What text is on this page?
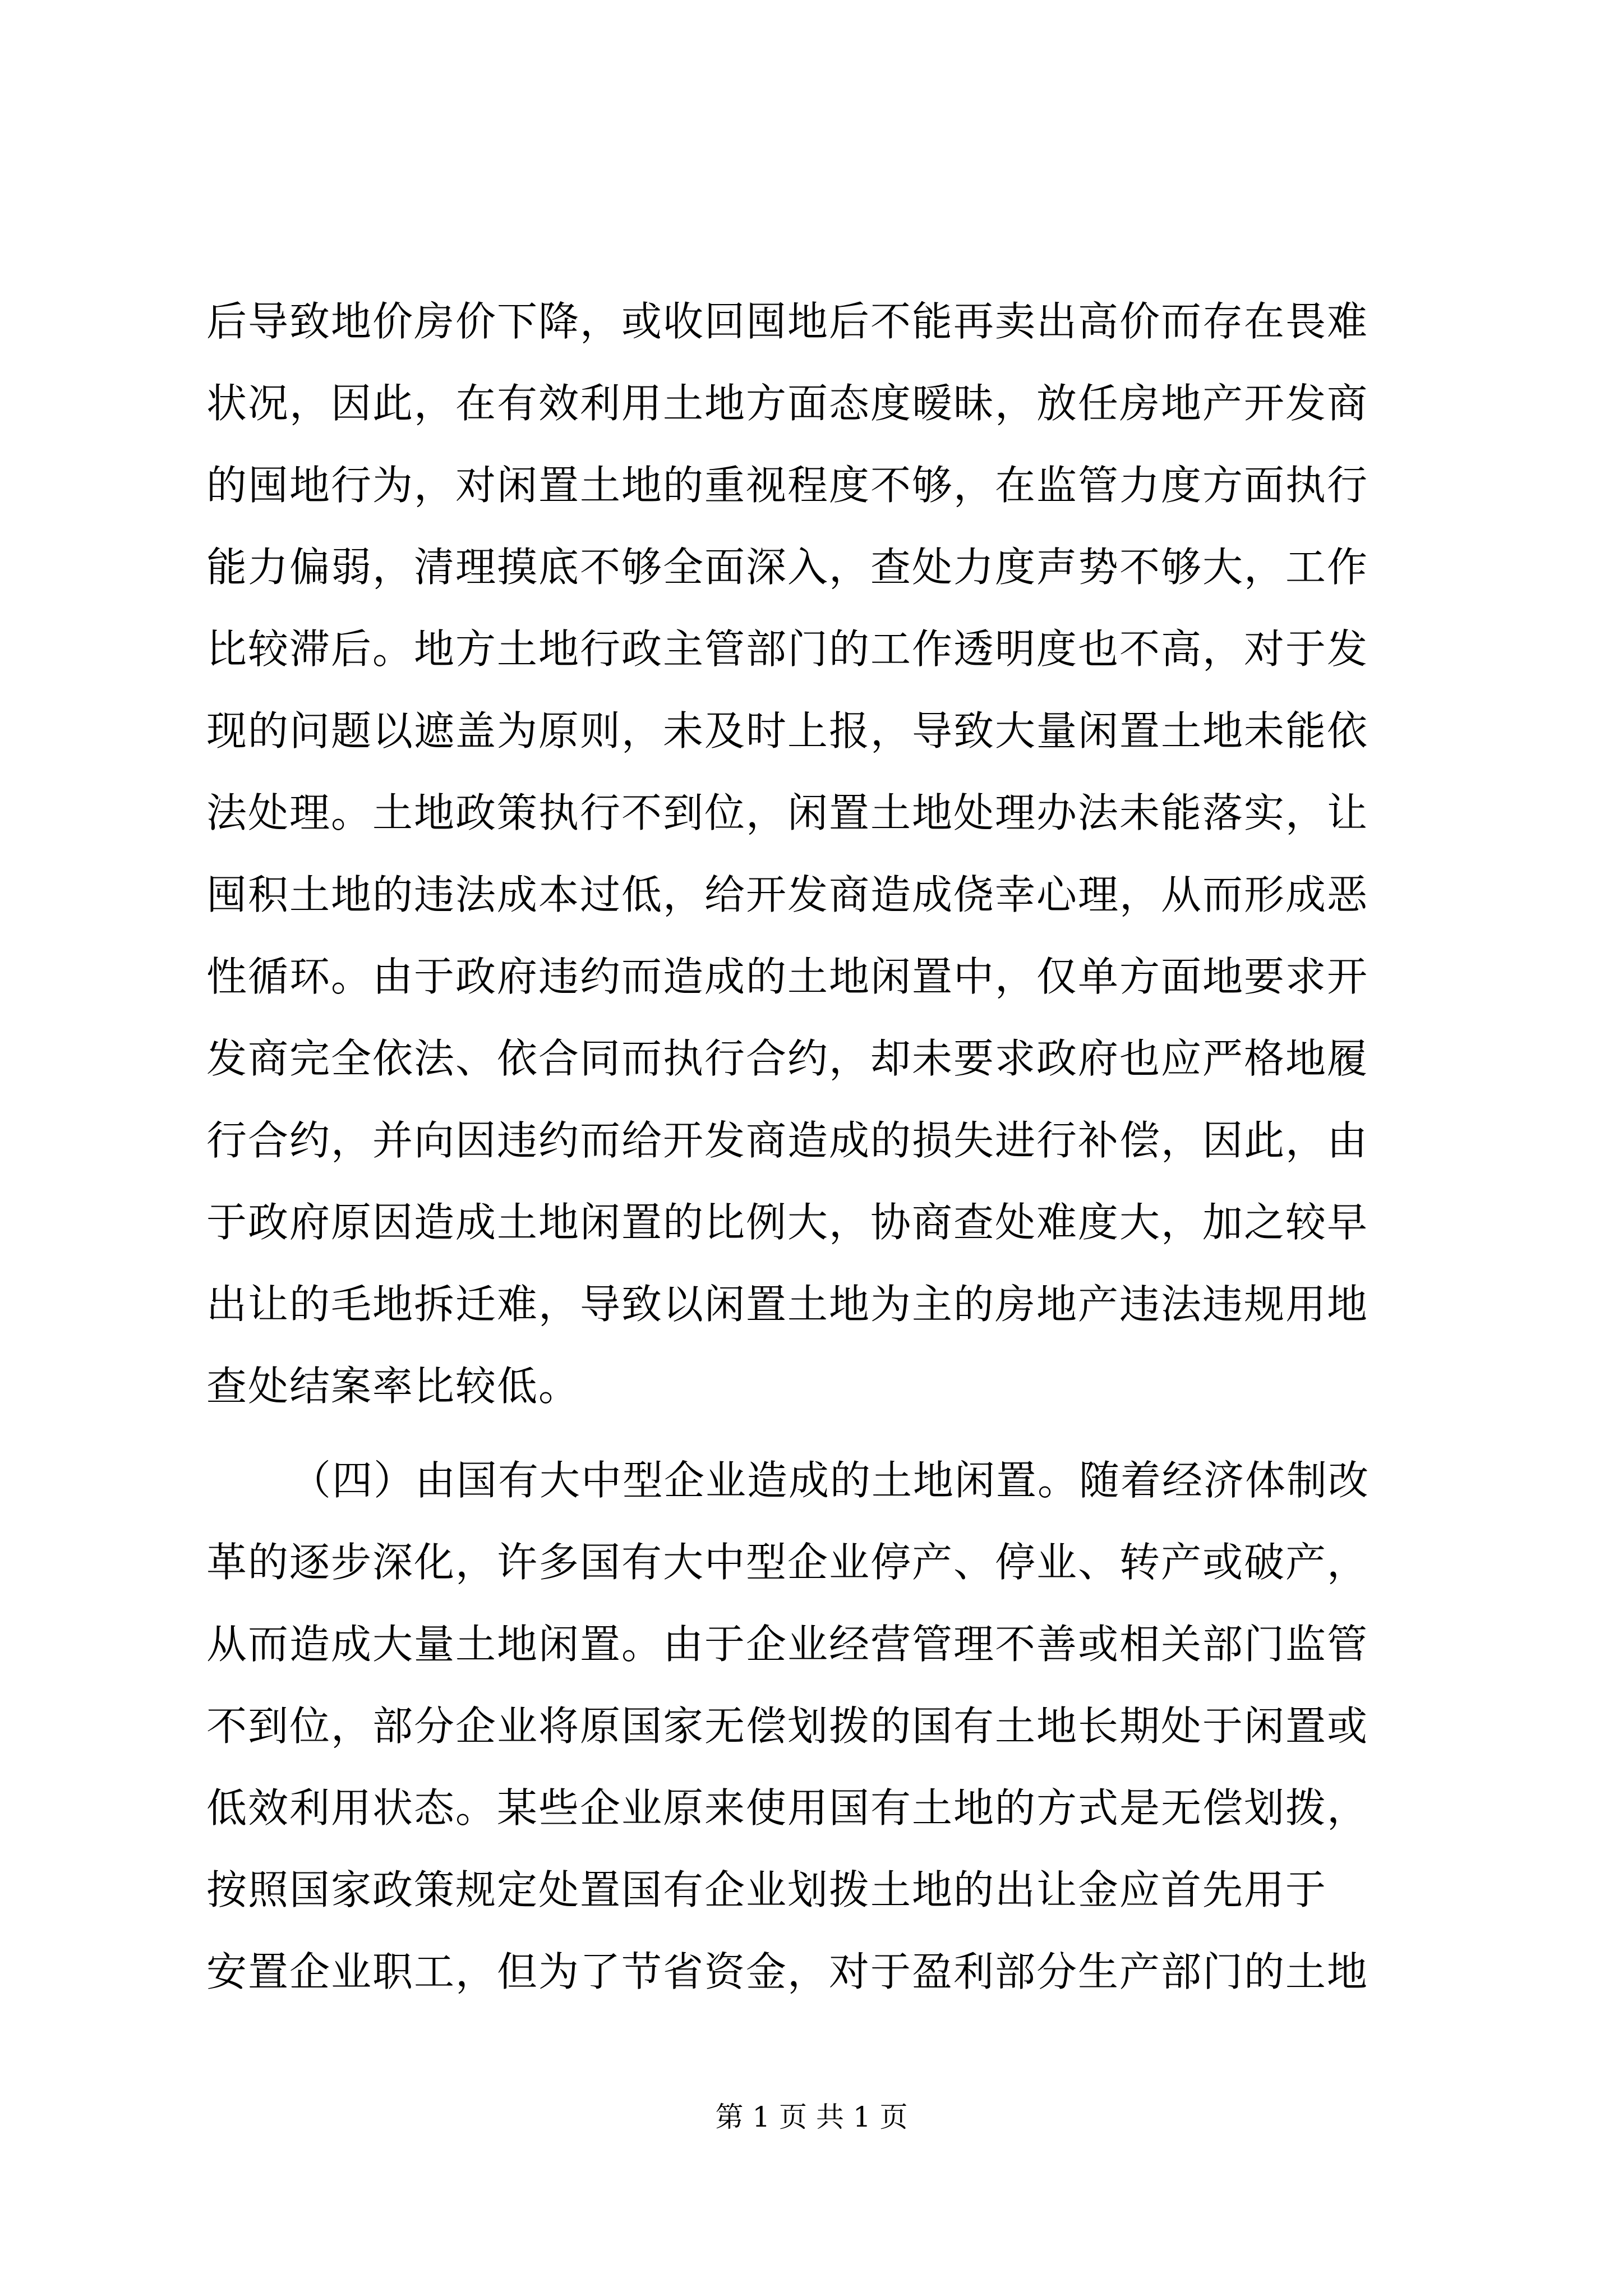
后导致地价房价下降，或收回囤地后不能再卖出高价而存在畏难
状况，因此，在有效利用土地方面态度暧昧，放任房地产开发商
的囤地行为，对闲置土地的重视程度不够，在监管力度方面执行
能力偏弱，清理摸底不够全面深入，查处力度声势不够大，工作
比较滞后。地方土地行政主管部门的工作透明度也不高，对于发
现的问题以遮盖为原则，未及时上报，导致大量闲置土地未能依
法处理。土地政策执行不到位，闲置土地处理办法未能落实，让
囤积土地的违法成本过低，给开发商造成侥幸心理，从而形成恶
性循环。由于政府违约而造成的土地闲置中，仅单方面地要求开
发商完全依法、依合同而执行合约，却未要求政府也应严格地履
行合约，并向因违约而给开发商造成的损失进行补偿，因此，由
于政府原因造成土地闲置的比例大，协商查处难度大，加之较早
出让的毛地拆迁难，导致以闲置土地为主的房地产违法违规用地
查处结案率比较低。
（四）由国有大中型企业造成的土地闲置。随着经济体制改
革的逐步深化，许多国有大中型企业停产、停业、转产或破产，
从而造成大量土地闲置。由于企业经营管理不善或相关部门监管
不到位，部分企业将原国家无偿划拨的国有土地长期处于闲置或
低效利用状态。某些企业原来使用国有土地的方式是无偿划拨，
按照国家政策规定处置国有企业划拨土地的出让金应首先用于
安置企业职工，但为了节省资金，对于盈利部分生产部门的土地
第 1 页 共 1 页
